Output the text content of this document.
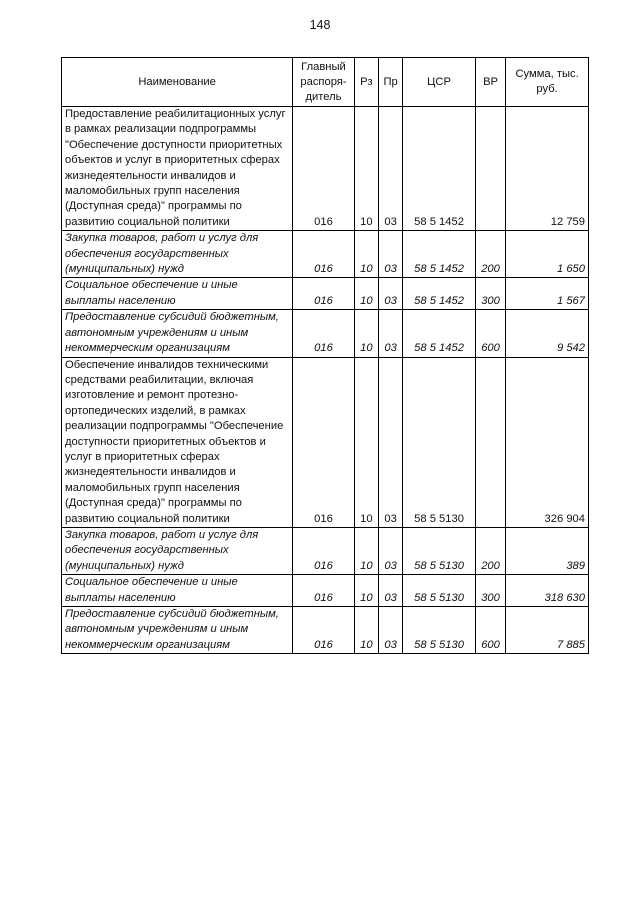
148
Наименование	Главный распоря-дитель	Рз	Пр	ЦСР	ВР	Сумма, тыс. руб.
Предоставление реабилитационных услуг в рамках реализации подпрограммы "Обеспечение доступности приоритетных объектов и услуг в приоритетных сферах жизнедеятельности инвалидов и маломобильных групп населения (Доступная среда)" программы по развитию социальной политики	016	10	03	58 5 1452		12 759
Закупка товаров, работ и услуг для обеспечения государственных (муниципальных) нужд	016	10	03	58 5 1452	200	1 650
Социальное обеспечение и иные выплаты населению	016	10	03	58 5 1452	300	1 567
Предоставление субсидий бюджетным, автономным учреждениям и иным некоммерческим организациям	016	10	03	58 5 1452	600	9 542
Обеспечение инвалидов техническими средствами реабилитации, включая изготовление и ремонт протезно-ортопедических изделий, в рамках реализации подпрограммы "Обеспечение доступности приоритетных объектов и услуг в приоритетных сферах жизнедеятельности инвалидов и маломобильных групп населения (Доступная среда)" программы по развитию социальной политики	016	10	03	58 5 5130		326 904
Закупка товаров, работ и услуг для обеспечения государственных (муниципальных) нужд	016	10	03	58 5 5130	200	389
Социальное обеспечение и иные выплаты населению	016	10	03	58 5 5130	300	318 630
Предоставление субсидий бюджетным, автономным учреждениям и иным некоммерческим организациям	016	10	03	58 5 5130	600	7 885
